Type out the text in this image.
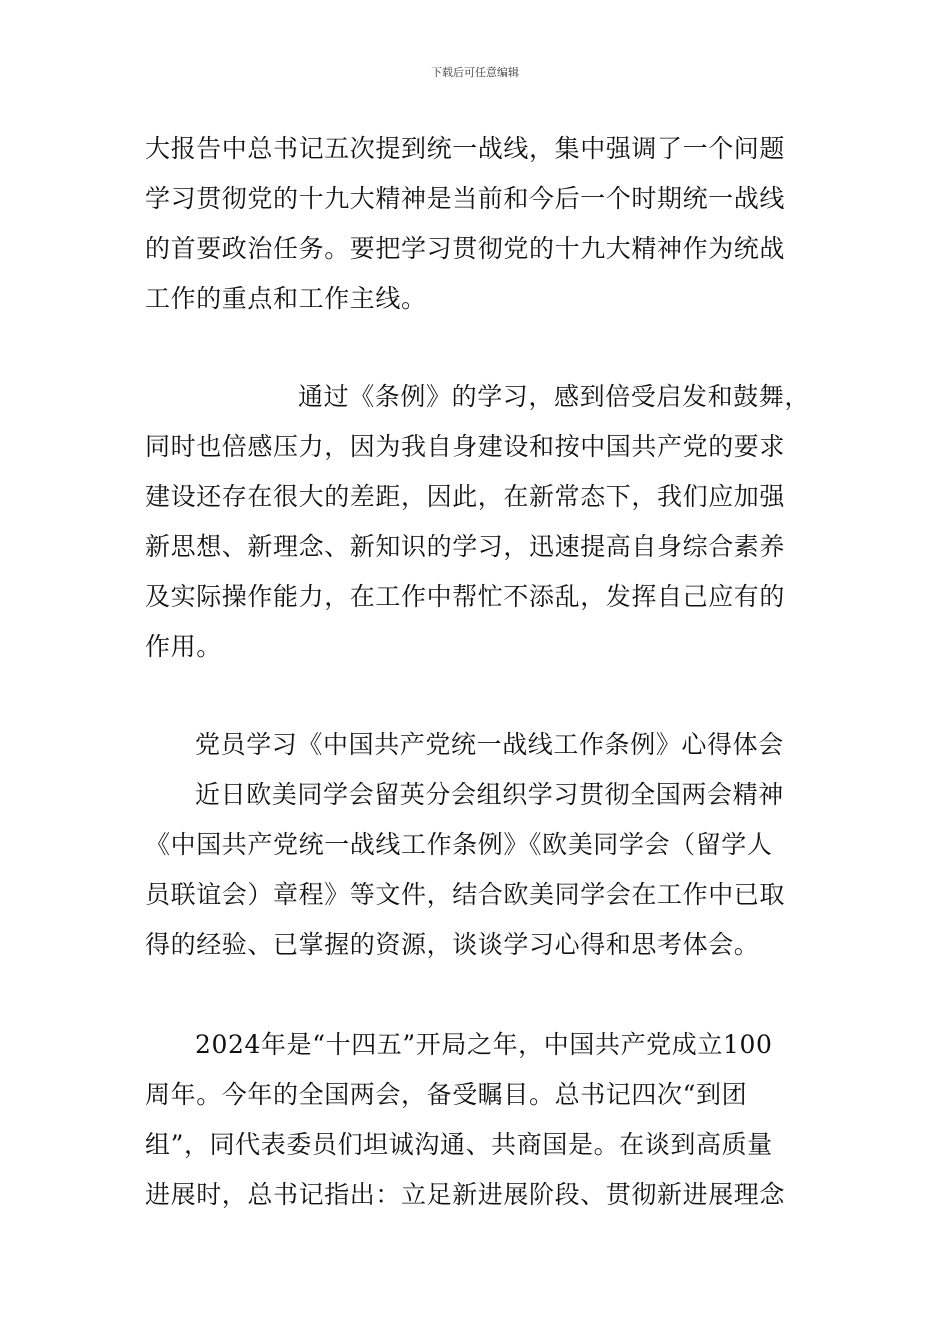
下载后可任意编辑
大报告中总书记五次提到统一战线，集中强调了一个问题
学习贯彻党的十九大精神是当前和今后一个时期统一战线
的首要政治任务。要把学习贯彻党的十九大精神作为统战
工作的重点和工作主线。
通过《条例》的学习，感到倍受启发和鼓舞，
同时也倍感压力，因为我自身建设和按中国共产党的要求
建设还存在很大的差距，因此，在新常态下，我们应加强
新思想、新理念、新知识的学习，迅速提高自身综合素养
及实际操作能力，在工作中帮忙不添乱，发挥自己应有的
作用。
党员学习《中国共产党统一战线工作条例》心得体会
近日欧美同学会留英分会组织学习贯彻全国两会精神
《中国共产党统一战线工作条例》《欧美同学会（留学人
员联谊会）章程》等文件，结合欧美同学会在工作中已取
得的经验、已掌握的资源，谈谈学习心得和思考体会。
2024年是“十四五”开局之年，中国共产党成立100
周年。今年的全国两会，备受瞩目。总书记四次“到团
组”，同代表委员们坦诚沟通、共商国是。在谈到高质量
进展时，总书记指出：立足新进展阶段、贯彻新进展理念
